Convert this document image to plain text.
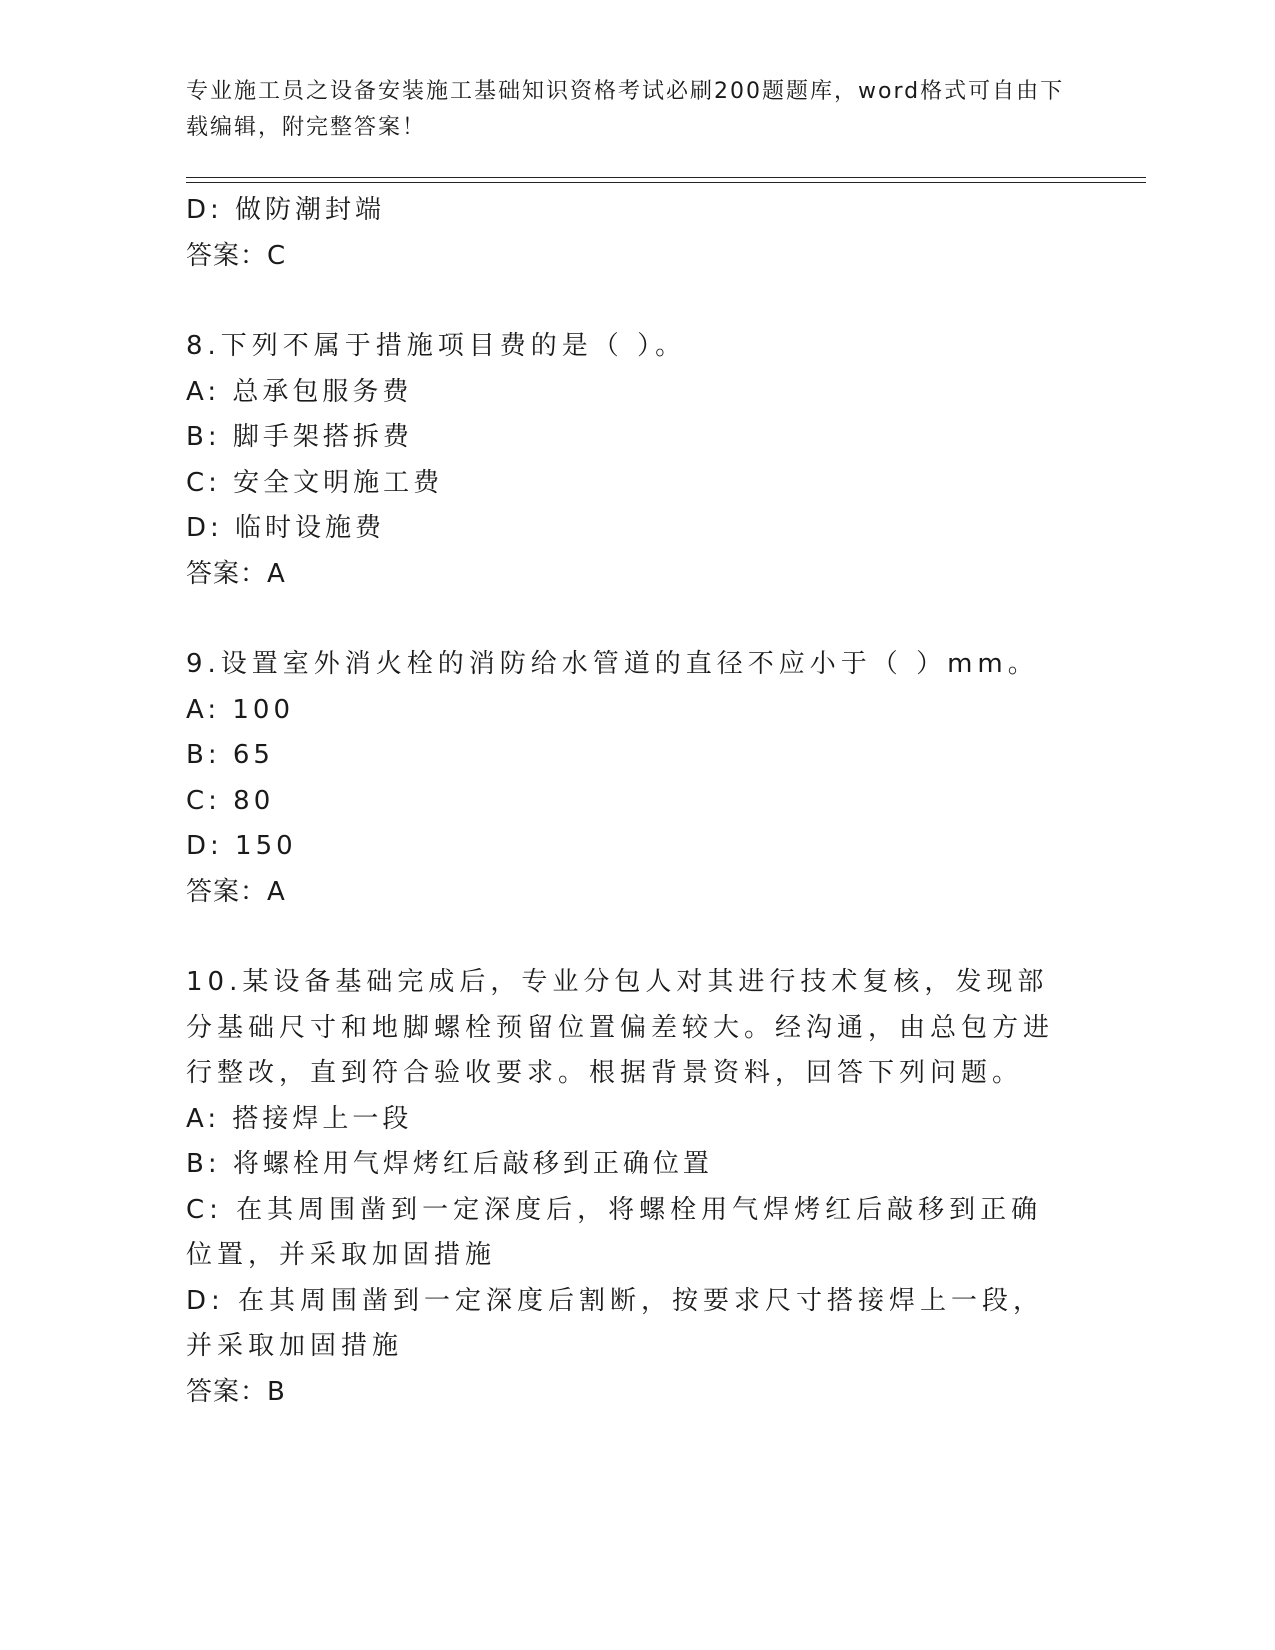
专业施工员之设备安装施工基础知识资格考试必刷200题题库，word格式可自由下载编辑，附完整答案！
D: 做防潮封端
答案：C
8.下列不属于措施项目费的是（ ）。
A: 总承包服务费
B: 脚手架搭拆费
C: 安全文明施工费
D: 临时设施费
答案：A
9.设置室外消火栓的消防给水管道的直径不应小于（ ）mm。
A: 100
B: 65
C: 80
D: 150
答案：A
10.某设备基础完成后，专业分包人对其进行技术复核，发现部分基础尺寸和地脚螺栓预留位置偏差较大。经沟通，由总包方进行整改，直到符合验收要求。根据背景资料，回答下列问题。
A: 搭接焊上一段
B: 将螺栓用气焊烤红后敲移到正确位置
C: 在其周围凿到一定深度后，将螺栓用气焊烤红后敲移到正确位置，并采取加固措施
D: 在其周围凿到一定深度后割断，按要求尺寸搭接焊上一段，并采取加固措施
答案：B
